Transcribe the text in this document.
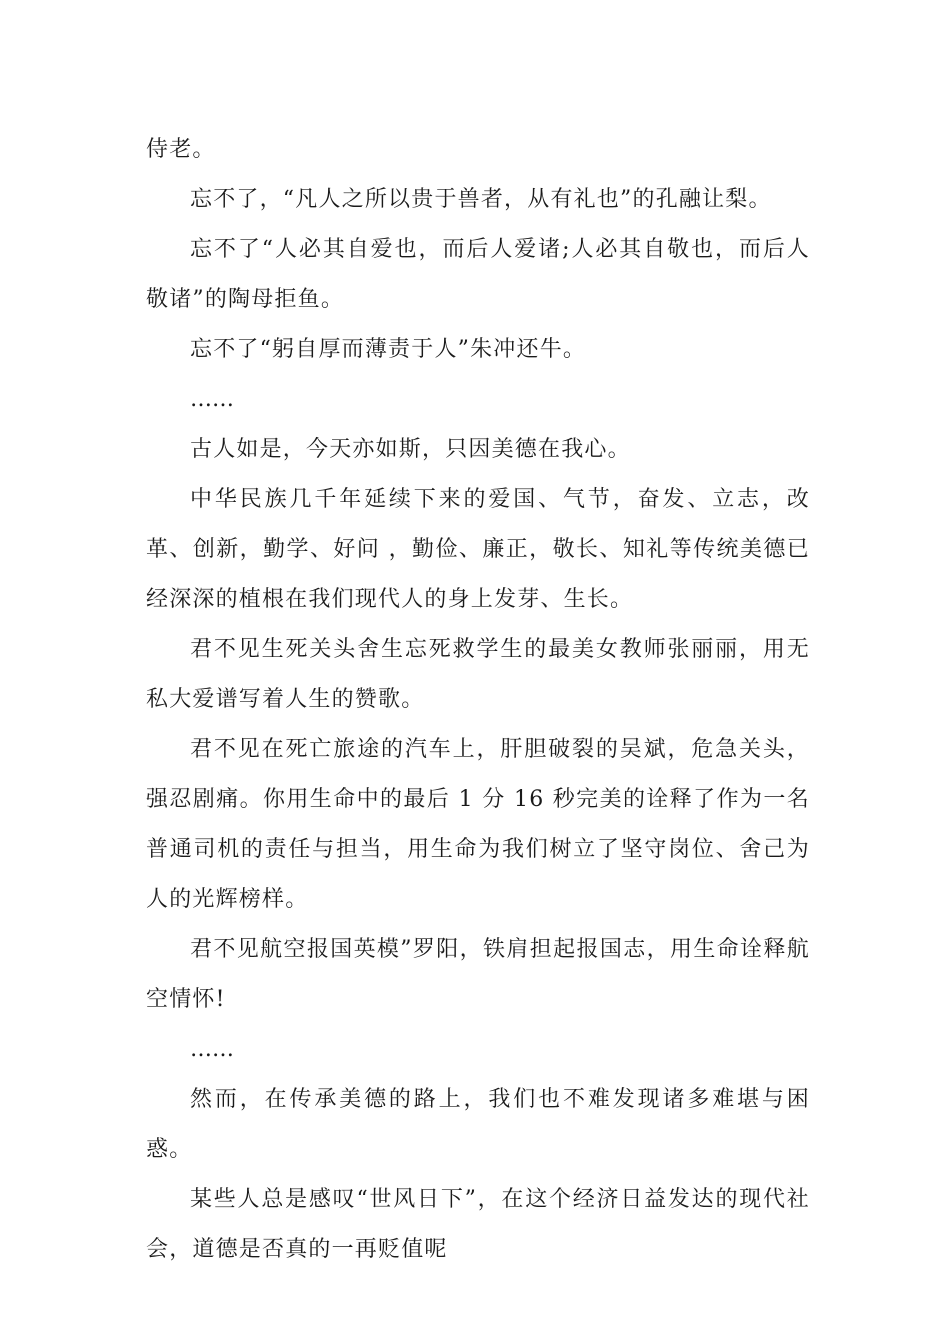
侍老。

忘不了，“凡人之所以贵于兽者，从有礼也”的孔融让梨。

忘不了“人必其自爱也，而后人爱诸;人必其自敬也，而后人敬诸”的陶母拒鱼。

忘不了“躬自厚而薄责于人”朱冲还牛。

……

古人如是，今天亦如斯，只因美德在我心。

中华民族几千年延续下来的爱国、气节，奋发、立志，改革、创新，勤学、好问 ，勤俭、廉正，敬长、知礼等传统美德已经深深的植根在我们现代人的身上发芽、生长。

君不见生死关头舍生忘死救学生的最美女教师张丽丽，用无私大爱谱写着人生的赞歌。

君不见在死亡旅途的汽车上，肝胆破裂的吴斌，危急关头，强忍剧痛。你用生命中的最后 1 分 16 秒完美的诠释了作为一名普通司机的责任与担当，用生命为我们树立了坚守岗位、舍己为人的光辉榜样。

君不见航空报国英模”罗阳，铁肩担起报国志，用生命诠释航空情怀!

……

然而，在传承美德的路上，我们也不难发现诸多难堪与困惑。

某些人总是感叹“世风日下”，在这个经济日益发达的现代社会，道德是否真的一再贬值呢
